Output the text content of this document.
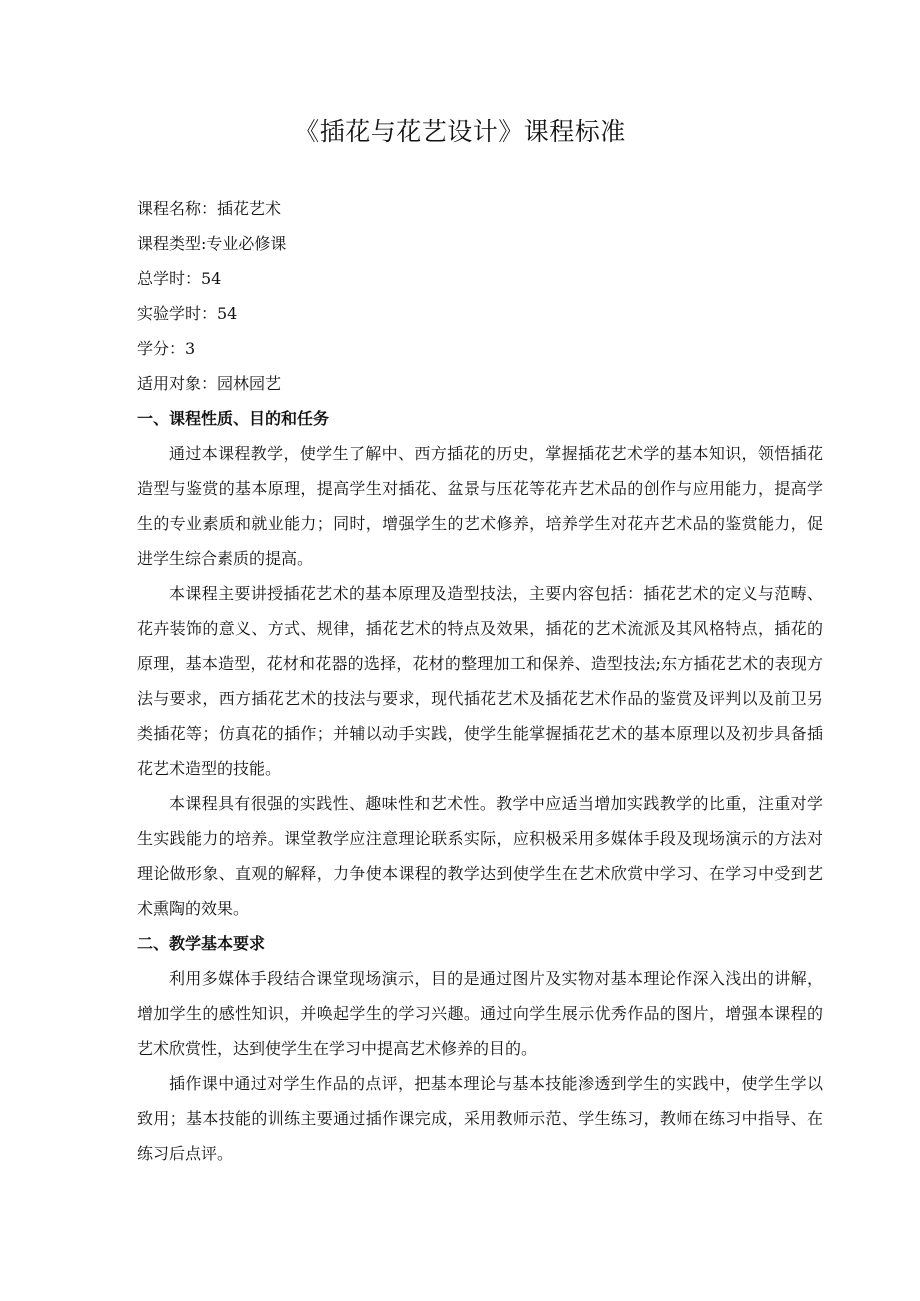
《插花与花艺设计》课程标准
课程名称：插花艺术
课程类型:专业必修课
总学时：54
实验学时：54
学分：3
适用对象：园林园艺
一、课程性质、目的和任务

通过本课程教学，使学生了解中、西方插花的历史，掌握插花艺术学的基本知识，领悟插花造型与鉴赏的基本原理，提高学生对插花、盆景与压花等花卉艺术品的创作与应用能力，提高学生的专业素质和就业能力；同时，增强学生的艺术修养，培养学生对花卉艺术品的鉴赏能力，促进学生综合素质的提高。

本课程主要讲授插花艺术的基本原理及造型技法，主要内容包括：插花艺术的定义与范畴、花卉装饰的意义、方式、规律，插花艺术的特点及效果，插花的艺术流派及其风格特点，插花的原理，基本造型，花材和花器的选择，花材的整理加工和保养、造型技法;东方插花艺术的表现方法与要求，西方插花艺术的技法与要求，现代插花艺术及插花艺术作品的鉴赏及评判以及前卫另类插花等；仿真花的插作；并辅以动手实践，使学生能掌握插花艺术的基本原理以及初步具备插花艺术造型的技能。

本课程具有很强的实践性、趣味性和艺术性。教学中应适当增加实践教学的比重，注重对学生实践能力的培养。课堂教学应注意理论联系实际，应积极采用多媒体手段及现场演示的方法对理论做形象、直观的解释，力争使本课程的教学达到使学生在艺术欣赏中学习、在学习中受到艺术熏陶的效果。

二、教学基本要求

利用多媒体手段结合课堂现场演示，目的是通过图片及实物对基本理论作深入浅出的讲解，增加学生的感性知识，并唤起学生的学习兴趣。通过向学生展示优秀作品的图片，增强本课程的艺术欣赏性，达到使学生在学习中提高艺术修养的目的。

插作课中通过对学生作品的点评，把基本理论与基本技能渗透到学生的实践中，使学生学以致用；基本技能的训练主要通过插作课完成，采用教师示范、学生练习，教师在练习中指导、在练习后点评。
